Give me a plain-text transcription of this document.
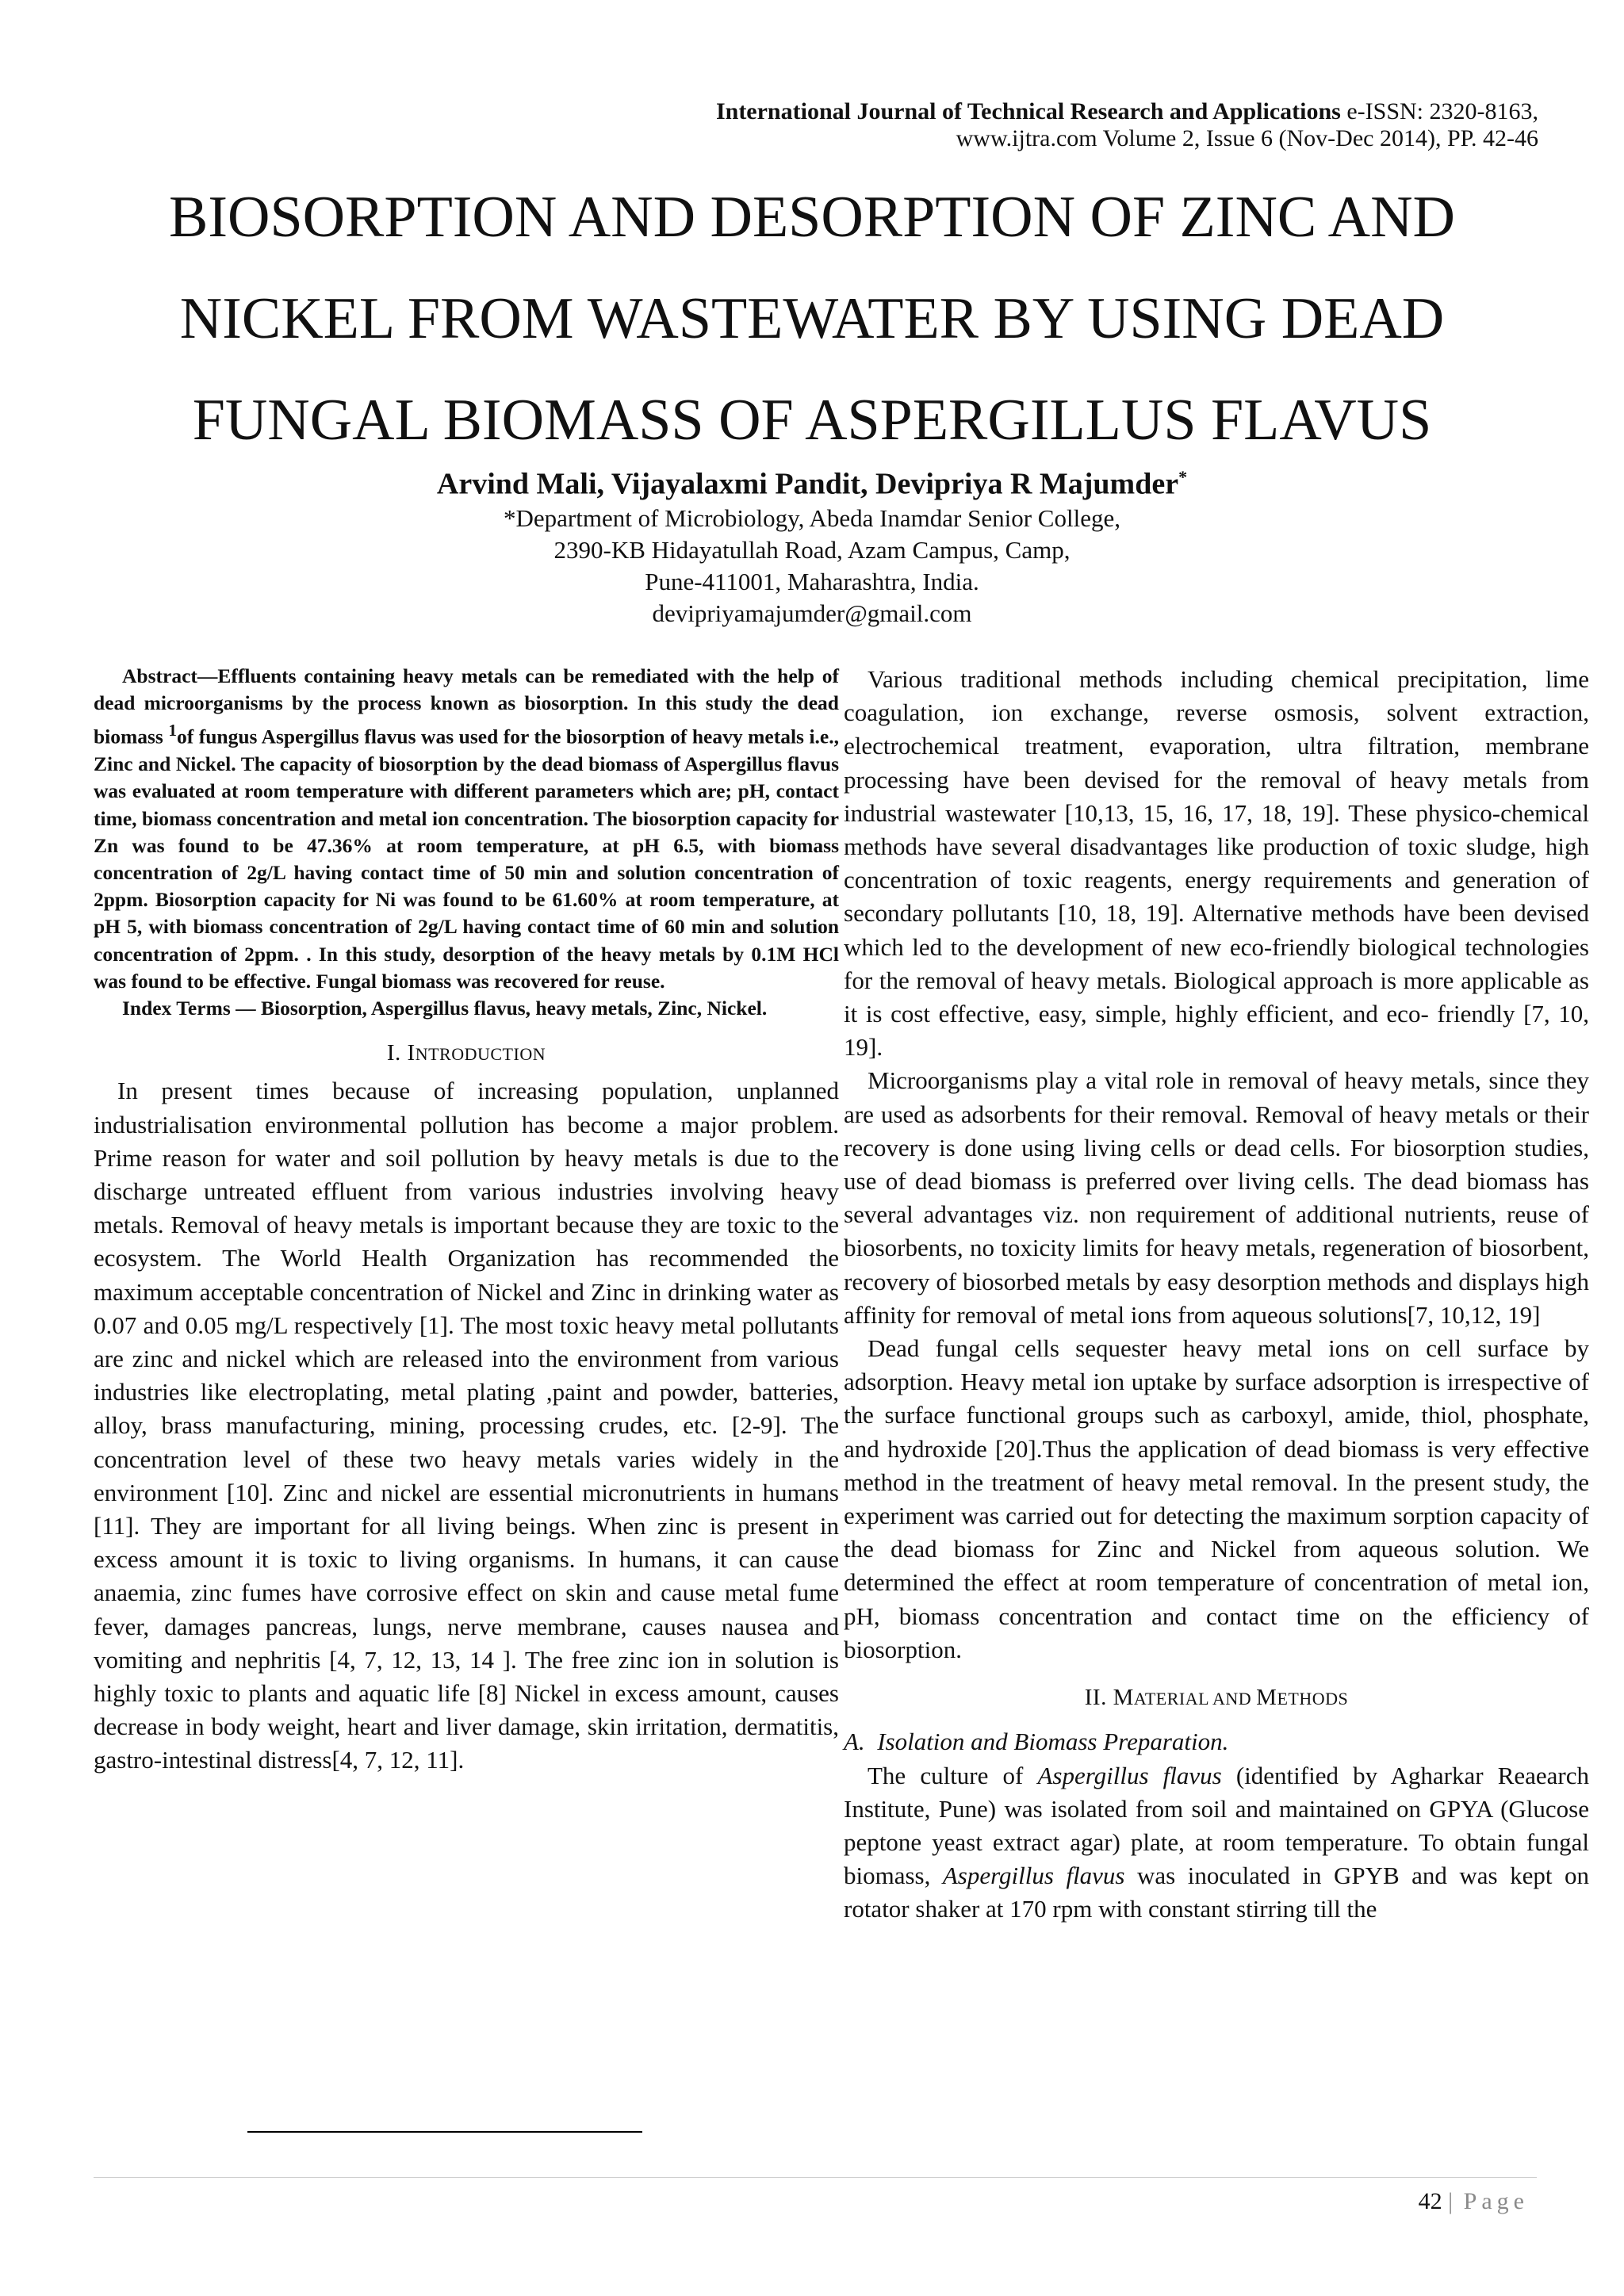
International Journal of Technical Research and Applications e-ISSN: 2320-8163,
www.ijtra.com Volume 2, Issue 6 (Nov-Dec 2014), PP. 42-46
BIOSORPTION AND DESORPTION OF ZINC AND NICKEL FROM WASTEWATER BY USING DEAD FUNGAL BIOMASS OF ASPERGILLUS FLAVUS
Arvind Mali, Vijayalaxmi Pandit, Devipriya R Majumder*
*Department of Microbiology, Abeda Inamdar Senior College,
2390-KB Hidayatullah Road, Azam Campus, Camp,
Pune-411001, Maharashtra, India.
devipriyamajumder@gmail.com

Abstract—Effluents containing heavy metals can be remediated with the help of dead microorganisms by the process known as biosorption. In this study the dead biomass $^1$of fungus Aspergillus flavus was used for the biosorption of heavy metals i.e., Zinc and Nickel. The capacity of biosorption by the dead biomass of Aspergillus flavus was evaluated at room temperature with different parameters which are; pH, contact time, biomass concentration and metal ion concentration. The biosorption capacity for Zn was found to be 47.36% at room temperature, at pH 6.5, with biomass concentration of 2g/L having contact time of 50 min and solution concentration of 2ppm. Biosorption capacity for Ni was found to be 61.60% at room temperature, at pH 5, with biomass concentration of 2g/L having contact time of 60 min and solution concentration of 2ppm. . In this study, desorption of the heavy metals by 0.1M HCl was found to be effective. Fungal biomass was recovered for reuse.

Index Terms — Biosorption, Aspergillus flavus, heavy metals, Zinc, Nickel.

I. INTRODUCTION

In present times because of increasing population, unplanned industrialisation environmental pollution has become a major problem. Prime reason for water and soil pollution by heavy metals is due to the discharge untreated effluent from various industries involving heavy metals. Removal of heavy metals is important because they are toxic to the ecosystem. The World Health Organization has recommended the maximum acceptable concentration of Nickel and Zinc in drinking water as 0.07 and 0.05 mg/L respectively [1]. The most toxic heavy metal pollutants are zinc and nickel which are released into the environment from various industries like electroplating, metal plating ,paint and powder, batteries, alloy, brass manufacturing, mining, processing crudes, etc. [2-9]. The concentration level of these two heavy metals varies widely in the environment [10]. Zinc and nickel are essential micronutrients in humans [11]. They are important for all living beings. When zinc is present in excess amount it is toxic to living organisms. In humans, it can cause anaemia, zinc fumes have corrosive effect on skin and cause metal fume fever, damages pancreas, lungs, nerve membrane, causes nausea and vomiting and nephritis [4, 7, 12, 13, 14 ]. The free zinc ion in solution is highly toxic to plants and aquatic life [8] Nickel in excess amount, causes decrease in body weight, heart and liver damage, skin irritation, dermatitis, gastro-intestinal distress[4, 7, 12, 11].

Various traditional methods including chemical precipitation, lime coagulation, ion exchange, reverse osmosis, solvent extraction, electrochemical treatment, evaporation, ultra filtration, membrane processing have been devised for the removal of heavy metals from industrial wastewater [10,13, 15, 16, 17, 18, 19]. These physico-chemical methods have several disadvantages like production of toxic sludge, high concentration of toxic reagents, energy requirements and generation of secondary pollutants [10, 18, 19]. Alternative methods have been devised which led to the development of new eco-friendly biological technologies for the removal of heavy metals. Biological approach is more applicable as it is cost effective, easy, simple, highly efficient, and eco- friendly [7, 10, 19].

Microorganisms play a vital role in removal of heavy metals, since they are used as adsorbents for their removal. Removal of heavy metals or their recovery is done using living cells or dead cells. For biosorption studies, use of dead biomass is preferred over living cells. The dead biomass has several advantages viz. non requirement of additional nutrients, reuse of biosorbents, no toxicity limits for heavy metals, regeneration of biosorbent, recovery of biosorbed metals by easy desorption methods and displays high affinity for removal of metal ions from aqueous solutions[7, 10,12, 19]

Dead fungal cells sequester heavy metal ions on cell surface by adsorption. Heavy metal ion uptake by surface adsorption is irrespective of the surface functional groups such as carboxyl, amide, thiol, phosphate, and hydroxide [20].Thus the application of dead biomass is very effective method in the treatment of heavy metal removal. In the present study, the experiment was carried out for detecting the maximum sorption capacity of the dead biomass for Zinc and Nickel from aqueous solution. We determined the effect at room temperature of concentration of metal ion, pH, biomass concentration and contact time on the efficiency of biosorption.

II. MATERIAL AND METHODS

A. Isolation and Biomass Preparation.

The culture of Aspergillus flavus (identified by Agharkar Reaearch Institute, Pune) was isolated from soil and maintained on GPYA (Glucose peptone yeast extract agar) plate, at room temperature. To obtain fungal biomass, Aspergillus flavus was inoculated in GPYB and was kept on rotator shaker at 170 rpm with constant stirring till the

42 | Page
